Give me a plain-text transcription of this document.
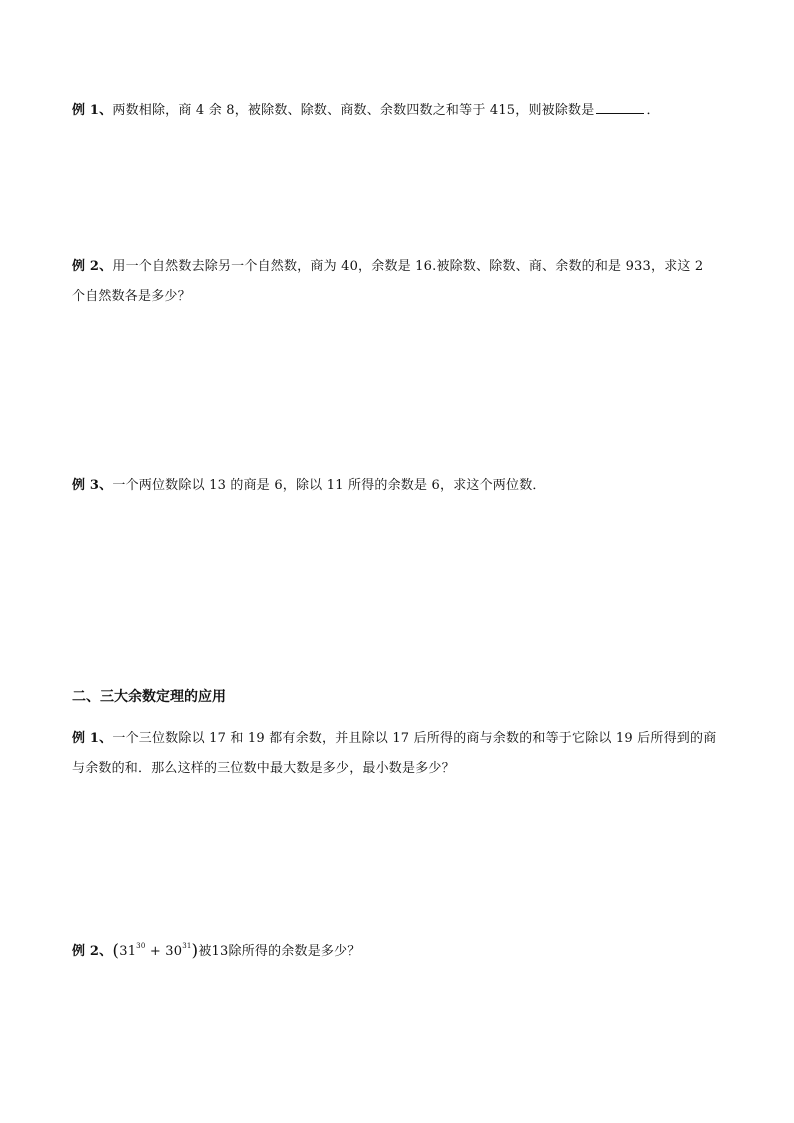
例 1、两数相除，商 4 余 8，被除数、除数、商数、余数四数之和等于 415，则被除数是	．
例 2、用一个自然数去除另一个自然数，商为 40，余数是 16.被除数、除数、商、余数的和是 933，求这 2
个自然数各是多少？
例 3、一个两位数除以 13 的商是 6，除以 11 所得的余数是 6，求这个两位数．
二、三大余数定理的应用
例 1、一个三位数除以 17 和 19 都有余数，并且除以 17 后所得的商与余数的和等于它除以 19 后所得到的商
与余数的和．那么这样的三位数中最大数是多少，最小数是多少？
例 2、$(31^{30} + 30^{31})$被13除所得的余数是多少？
